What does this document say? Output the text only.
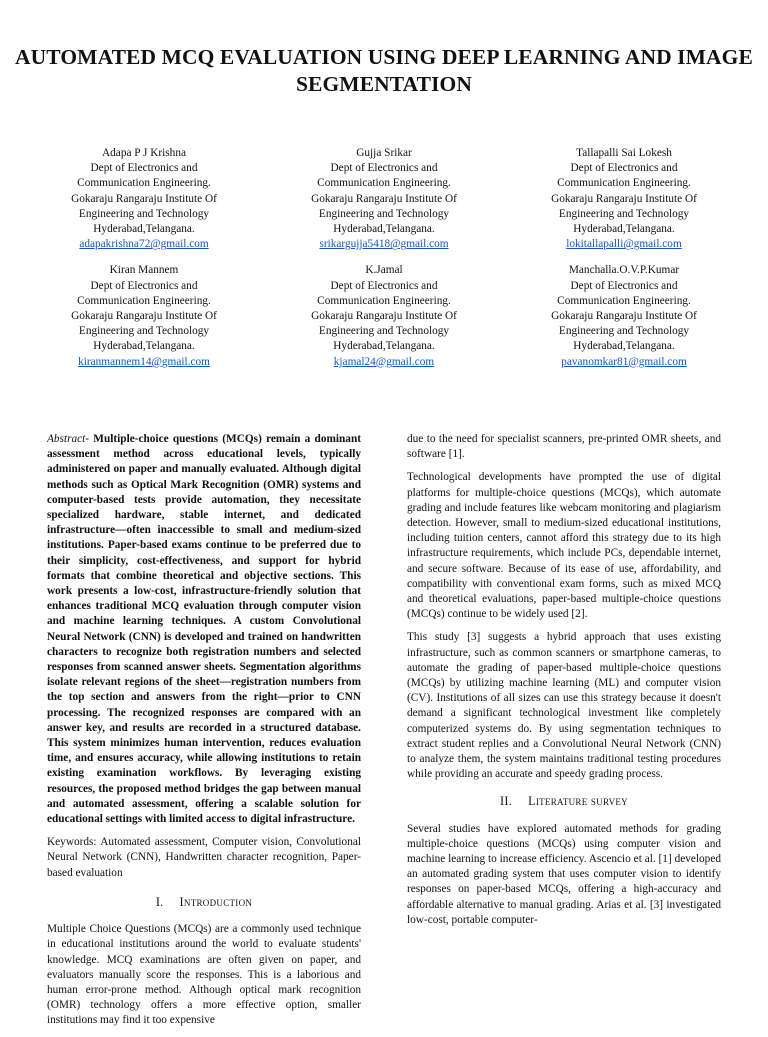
AUTOMATED MCQ EVALUATION USING DEEP LEARNING AND IMAGE SEGMENTATION
Adapa P J Krishna
Dept of Electronics and
Communication Engineering.
Gokaraju Rangaraju Institute Of
Engineering and Technology
Hyderabad,Telangana.
adapakrishna72@gmail.com
Gujja Srikar
Dept of Electronics and
Communication Engineering.
Gokaraju Rangaraju Institute Of
Engineering and Technology
Hyderabad,Telangana.
srikargujja5418@gmail.com
Tallapalli Sai Lokesh
Dept of Electronics and
Communication Engineering.
Gokaraju Rangaraju Institute Of
Engineering and Technology
Hyderabad,Telangana.
lokitallapalli@gmail.com
Kiran Mannem
Dept of Electronics and
Communication Engineering.
Gokaraju Rangaraju Institute Of
Engineering and Technology
Hyderabad,Telangana.
kiranmannem14@gmail.com
K.Jamal
Dept of Electronics and
Communication Engineering.
Gokaraju Rangaraju Institute Of
Engineering and Technology
Hyderabad,Telangana.
kjamal24@gmail.com
Manchalla.O.V.P.Kumar
Dept of Electronics and
Communication Engineering.
Gokaraju Rangaraju Institute Of
Engineering and Technology
Hyderabad,Telangana.
pavanomkar81@gmail.com

Abstract- Multiple-choice questions (MCQs) remain a dominant assessment method across educational levels, typically administered on paper and manually evaluated. Although digital methods such as Optical Mark Recognition (OMR) systems and computer-based tests provide automation, they necessitate specialized hardware, stable internet, and dedicated infrastructure—often inaccessible to small and medium-sized institutions. Paper-based exams continue to be preferred due to their simplicity, cost-effectiveness, and support for hybrid formats that combine theoretical and objective sections. This work presents a low-cost, infrastructure-friendly solution that enhances traditional MCQ evaluation through computer vision and machine learning techniques. A custom Convolutional Neural Network (CNN) is developed and trained on handwritten characters to recognize both registration numbers and selected responses from scanned answer sheets. Segmentation algorithms isolate relevant regions of the sheet—registration numbers from the top section and answers from the right—prior to CNN processing. The recognized responses are compared with an answer key, and results are recorded in a structured database. This system minimizes human intervention, reduces evaluation time, and ensures accuracy, while allowing institutions to retain existing examination workflows. By leveraging existing resources, the proposed method bridges the gap between manual and automated assessment, offering a scalable solution for educational settings with limited access to digital infrastructure.

Keywords: Automated assessment, Computer vision, Convolutional Neural Network (CNN), Handwritten character recognition, Paper-based evaluation

I. Introduction

Multiple Choice Questions (MCQs) are a commonly used technique in educational institutions around the world to evaluate students' knowledge. MCQ examinations are often given on paper, and evaluators manually score the responses. This is a laborious and human error-prone method. Although optical mark recognition (OMR) technology offers a more effective option, smaller institutions may find it too expensive

due to the need for specialist scanners, pre-printed OMR sheets, and software [1].

Technological developments have prompted the use of digital platforms for multiple-choice questions (MCQs), which automate grading and include features like webcam monitoring and plagiarism detection. However, small to medium-sized educational institutions, including tuition centers, cannot afford this strategy due to its high infrastructure requirements, which include PCs, dependable internet, and secure software. Because of its ease of use, affordability, and compatibility with conventional exam forms, such as mixed MCQ and theoretical evaluations, paper-based multiple-choice questions (MCQs) continue to be widely used [2].

This study [3] suggests a hybrid approach that uses existing infrastructure, such as common scanners or smartphone cameras, to automate the grading of paper-based multiple-choice questions (MCQs) by utilizing machine learning (ML) and computer vision (CV). Institutions of all sizes can use this strategy because it doesn't demand a significant technological investment like completely computerized systems do. By using segmentation techniques to extract student replies and a Convolutional Neural Network (CNN) to analyze them, the system maintains traditional testing procedures while providing an accurate and speedy grading process.

II. Literature survey

Several studies have explored automated methods for grading multiple-choice questions (MCQs) using computer vision and machine learning to increase efficiency. Ascencio et al. [1] developed an automated grading system that uses computer vision to identify responses on paper-based MCQs, offering a high-accuracy and affordable alternative to manual grading. Arias et al. [3] investigated low-cost, portable computer-
